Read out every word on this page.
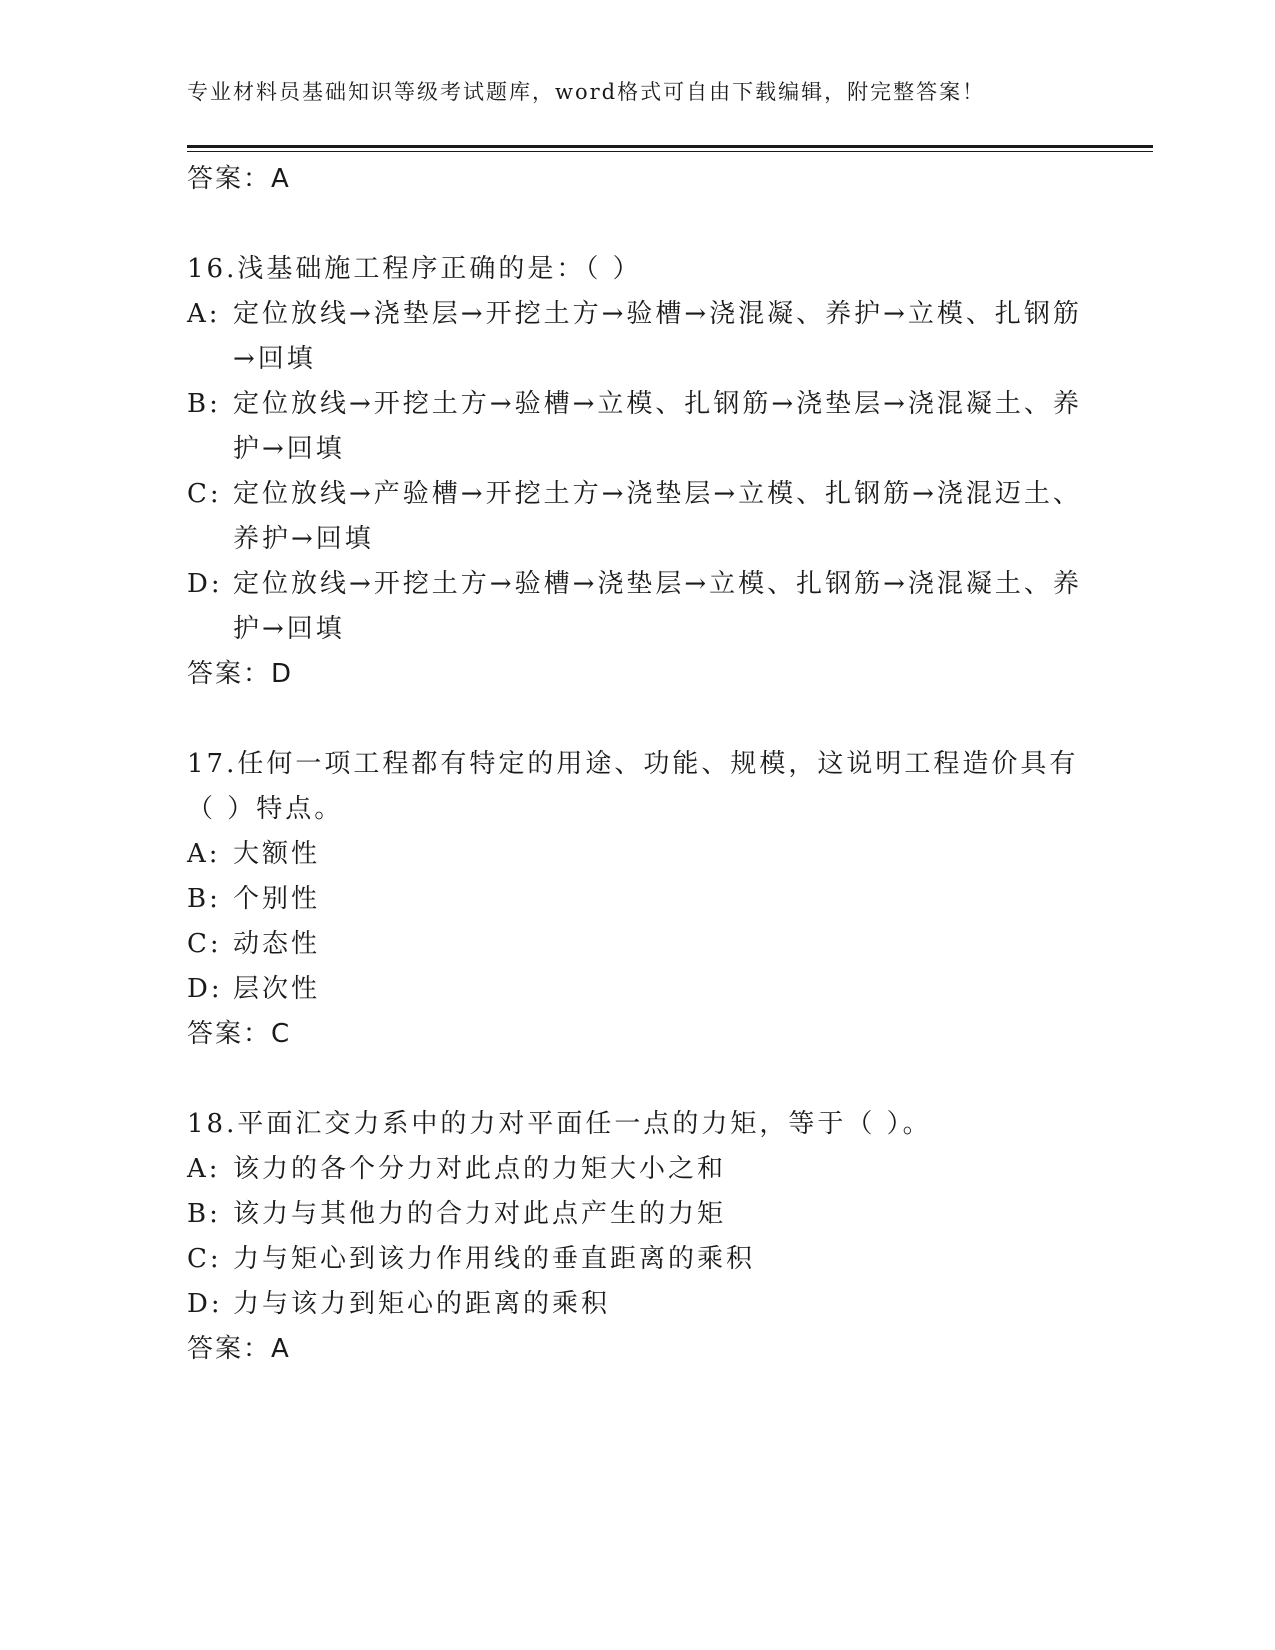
专业材料员基础知识等级考试题库，word格式可自由下载编辑，附完整答案！
答案：A
16.浅基础施工程序正确的是：（ ）
A: 定位放线→浇垫层→开挖土方→验槽→浇混凝、养护→立模、扎钢筋→回填
B: 定位放线→开挖土方→验槽→立模、扎钢筋→浇垫层→浇混凝土、养护→回填
C: 定位放线→产验槽→开挖土方→浇垫层→立模、扎钢筋→浇混迈土、养护→回填
D: 定位放线→开挖土方→验槽→浇垫层→立模、扎钢筋→浇混凝土、养护→回填
答案：D
17.任何一项工程都有特定的用途、功能、规模，这说明工程造价具有（ ）特点。
A: 大额性
B: 个别性
C: 动态性
D: 层次性
答案：C
18.平面汇交力系中的力对平面任一点的力矩，等于（ ）。
A: 该力的各个分力对此点的力矩大小之和
B: 该力与其他力的合力对此点产生的力矩
C: 力与矩心到该力作用线的垂直距离的乘积
D: 力与该力到矩心的距离的乘积
答案：A
